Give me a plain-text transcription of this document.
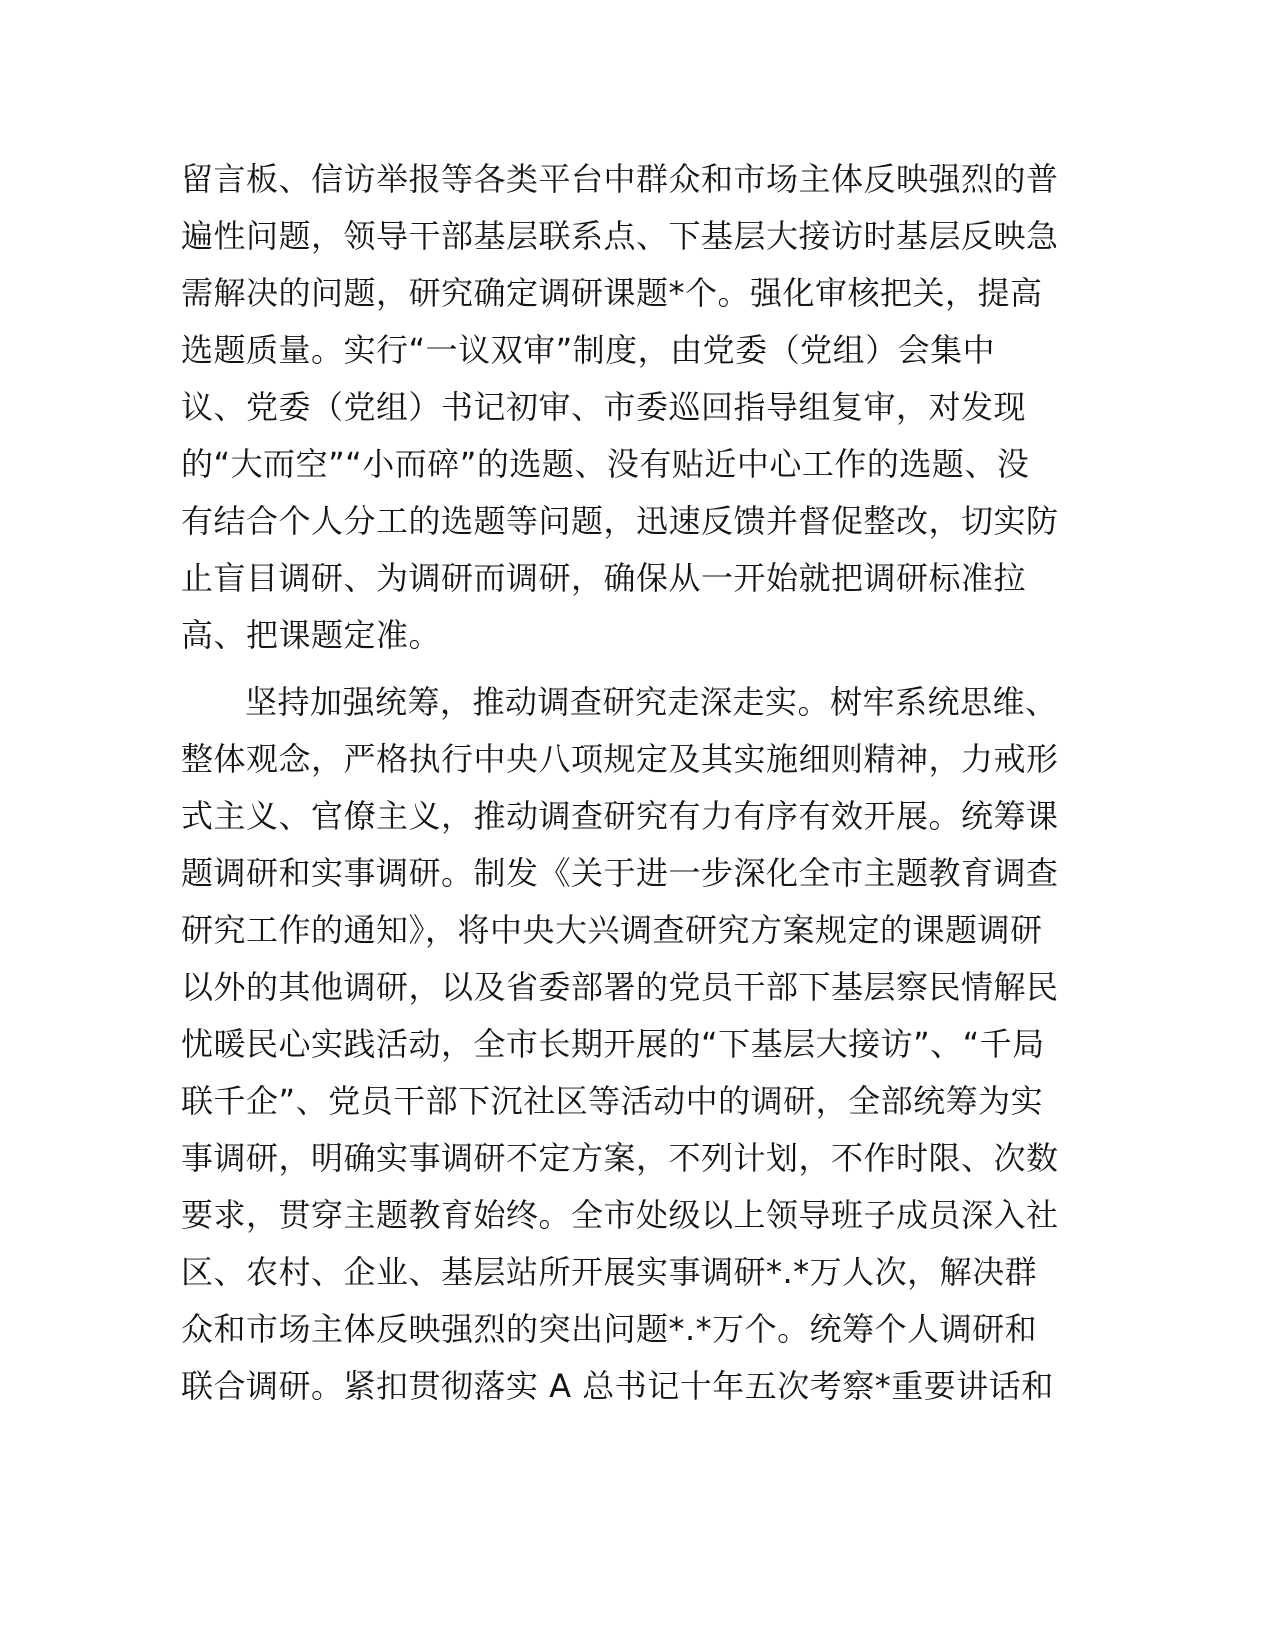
留言板、信访举报等各类平台中群众和市场主体反映强烈的普
遍性问题，领导干部基层联系点、下基层大接访时基层反映急
需解决的问题，研究确定调研课题*个。强化审核把关，提高
选题质量。实行“一议双审”制度，由党委（党组）会集中
议、党委（党组）书记初审、市委巡回指导组复审，对发现
的“大而空”“小而碎”的选题、没有贴近中心工作的选题、没
有结合个人分工的选题等问题，迅速反馈并督促整改，切实防
止盲目调研、为调研而调研，确保从一开始就把调研标准拉
高、把课题定准。
坚持加强统筹，推动调查研究走深走实。树牢系统思维、
整体观念，严格执行中央八项规定及其实施细则精神，力戒形
式主义、官僚主义，推动调查研究有力有序有效开展。统筹课
题调研和实事调研。制发《关于进一步深化全市主题教育调查
研究工作的通知》，将中央大兴调查研究方案规定的课题调研
以外的其他调研，以及省委部署的党员干部下基层察民情解民
忧暖民心实践活动，全市长期开展的“下基层大接访”、“千局
联千企”、党员干部下沉社区等活动中的调研，全部统筹为实
事调研，明确实事调研不定方案，不列计划，不作时限、次数
要求，贯穿主题教育始终。全市处级以上领导班子成员深入社
区、农村、企业、基层站所开展实事调研*.*万人次，解决群
众和市场主体反映强烈的突出问题*.*万个。统筹个人调研和
联合调研。紧扣贯彻落实 A 总书记十年五次考察*重要讲话和
